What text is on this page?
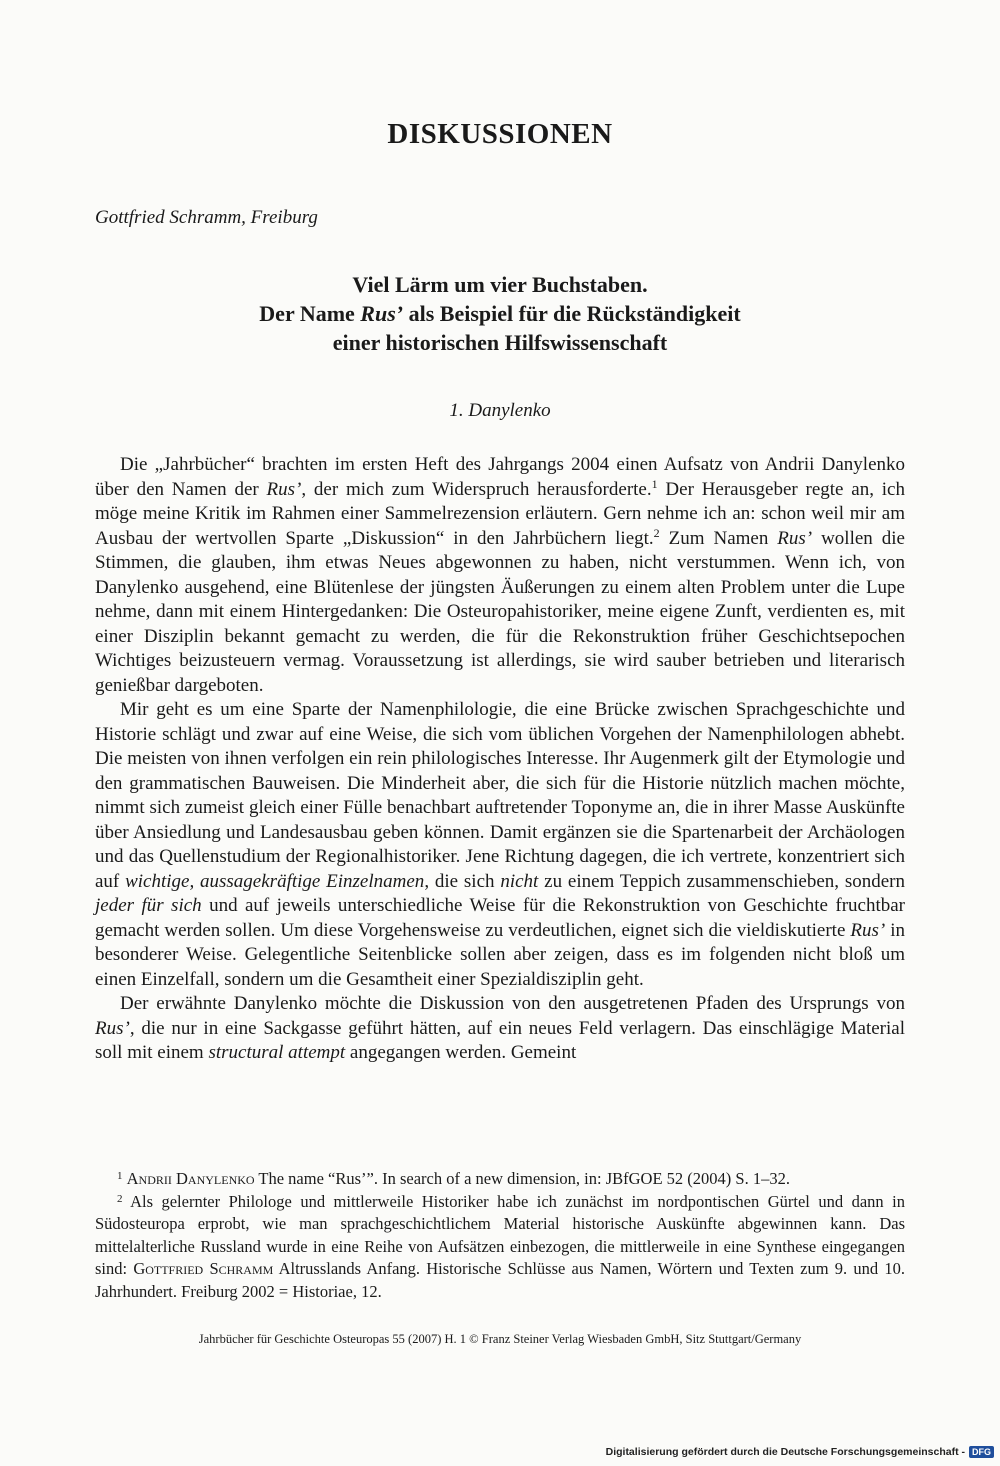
DISKUSSIONEN
Gottfried Schramm, Freiburg
Viel Lärm um vier Buchstaben.
Der Name Rus’ als Beispiel für die Rückständigkeit
einer historischen Hilfswissenschaft
1. Danylenko

Die „Jahrbücher“ brachten im ersten Heft des Jahrgangs 2004 einen Aufsatz von Andrii Danylenko über den Namen der Rus’, der mich zum Widerspruch herausforderte.$^1$ Der Herausgeber regte an, ich möge meine Kritik im Rahmen einer Sammelrezension erläutern. Gern nehme ich an: schon weil mir am Ausbau der wertvollen Sparte „Diskussion“ in den Jahrbüchern liegt.$^2$ Zum Namen Rus’ wollen die Stimmen, die glauben, ihm etwas Neues abgewonnen zu haben, nicht verstummen. Wenn ich, von Danylenko ausgehend, eine Blütenlese der jüngsten Äußerungen zu einem alten Problem unter die Lupe nehme, dann mit einem Hintergedanken: Die Osteuropahistoriker, meine eigene Zunft, verdienten es, mit einer Disziplin bekannt gemacht zu werden, die für die Rekonstruktion früher Geschichtsepochen Wichtiges beizusteuern vermag. Voraussetzung ist allerdings, sie wird sauber betrieben und literarisch genießbar dargeboten.

Mir geht es um eine Sparte der Namenphilologie, die eine Brücke zwischen Sprachgeschichte und Historie schlägt und zwar auf eine Weise, die sich vom üblichen Vorgehen der Namenphilologen abhebt. Die meisten von ihnen verfolgen ein rein philologisches Interesse. Ihr Augenmerk gilt der Etymologie und den grammatischen Bauweisen. Die Minderheit aber, die sich für die Historie nützlich machen möchte, nimmt sich zumeist gleich einer Fülle benachbart auftretender Toponyme an, die in ihrer Masse Auskünfte über Ansiedlung und Landesausbau geben können. Damit ergänzen sie die Spartenarbeit der Archäologen und das Quellenstudium der Regionalhistoriker. Jene Richtung dagegen, die ich vertrete, konzentriert sich auf wichtige, aussagekräftige Einzelnamen, die sich nicht zu einem Teppich zusammenschieben, sondern jeder für sich und auf jeweils unterschiedliche Weise für die Rekonstruktion von Geschichte fruchtbar gemacht werden sollen. Um diese Vorgehensweise zu verdeutlichen, eignet sich die vieldiskutierte Rus’ in besonderer Weise. Gelegentliche Seitenblicke sollen aber zeigen, dass es im folgenden nicht bloß um einen Einzelfall, sondern um die Gesamtheit einer Spezialdisziplin geht.

Der erwähnte Danylenko möchte die Diskussion von den ausgetretenen Pfaden des Ursprungs von Rus’, die nur in eine Sackgasse geführt hätten, auf ein neues Feld verlagern. Das einschlägige Material soll mit einem structural attempt angegangen werden. Gemeint

$^1$ Andrii Danylenko The name “Rus’”. In search of a new dimension, in: JBfGOE 52 (2004) S. 1–32.

$^2$ Als gelernter Philologe und mittlerweile Historiker habe ich zunächst im nordpontischen Gürtel und dann in Südosteuropa erprobt, wie man sprachgeschichtlichem Material historische Auskünfte abgewinnen kann. Das mittelalterliche Russland wurde in eine Reihe von Aufsätzen einbezogen, die mittlerweile in eine Synthese eingegangen sind: Gottfried Schramm Altrusslands Anfang. Historische Schlüsse aus Namen, Wörtern und Texten zum 9. und 10. Jahrhundert. Freiburg 2002 = Historiae, 12.

Jahrbücher für Geschichte Osteuropas 55 (2007) H. 1 © Franz Steiner Verlag Wiesbaden GmbH, Sitz Stuttgart/Germany
Digitalisierung gefördert durch die Deutsche Forschungsgemeinschaft - DFG
